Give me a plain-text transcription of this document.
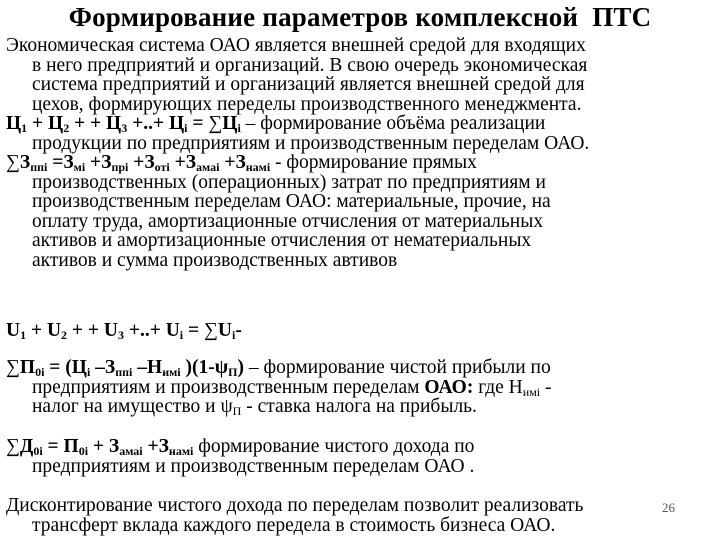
Формирование параметров комплексной ПТС
Экономическая система ОАО является внешней средой для входящих
в него предприятий и организаций. В свою очередь экономическая
система предприятий и организаций является внешней средой для
цехов, формирующих переделы производственного менеджмента.
$Ц_1 + Ц_2$ + + $Ц_3$ +..+ $Ц_i = \sum Ц_i$ – формирование объёма реализации
продукции по предприятиям и производственным переделам ОАО.
$\sum З_{ппi} =З_{мi} +З_{прi} +З_{отi} +З_{амаi} +З_{намi}$ - формирование прямых
производственных (операционных) затрат по предприятиям и
производственным переделам ОАО: материальные, прочие, на
оплату труда, амортизационные отчисления от материальных
активов и амортизационные отчисления от нематериальных
активов и сумма производственных автивов
$U_1 + U_2$ + + $U_3$ +..+ $U_i = \sum U_i-$
$\sum П_{0i} = (Ц_i$ $-З_{ппi}$ $-Н_{имi}$ )$(1-\psi_П)$ – формирование чистой прибыли по
предприятиям и производственным переделам ОАО: где $Н_{имi}$ -
налог на имущество и $\psi_П$ - ставка налога на прибыль.
$\sum Д_{0i} = П_{0i} + З_{амаi} +З_{намi}$ формирование чистого дохода по
предприятиям и производственным переделам ОАО .
Дисконтирование чистого дохода по переделам позволит реализовать
трансферт вклада каждого передела в стоимость бизнеса ОАО.
26
